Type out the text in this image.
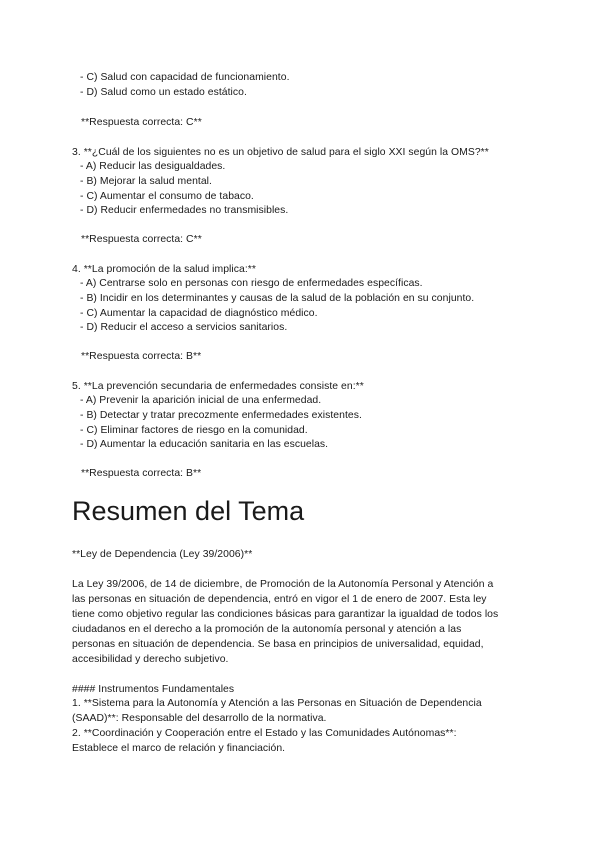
- C) Salud con capacidad de funcionamiento.
- D) Salud como un estado estático.
**Respuesta correcta: C**
3. **¿Cuál de los siguientes no es un objetivo de salud para el siglo XXI según la OMS?**
- A) Reducir las desigualdades.
- B) Mejorar la salud mental.
- C) Aumentar el consumo de tabaco.
- D) Reducir enfermedades no transmisibles.
**Respuesta correcta: C**
4. **La promoción de la salud implica:**
- A) Centrarse solo en personas con riesgo de enfermedades específicas.
- B) Incidir en los determinantes y causas de la salud de la población en su conjunto.
- C) Aumentar la capacidad de diagnóstico médico.
- D) Reducir el acceso a servicios sanitarios.
**Respuesta correcta: B**
5. **La prevención secundaria de enfermedades consiste en:**
- A) Prevenir la aparición inicial de una enfermedad.
- B) Detectar y tratar precozmente enfermedades existentes.
- C) Eliminar factores de riesgo en la comunidad.
- D) Aumentar la educación sanitaria en las escuelas.
**Respuesta correcta: B**
Resumen del Tema
**Ley de Dependencia (Ley 39/2006)**
La Ley 39/2006, de 14 de diciembre, de Promoción de la Autonomía Personal y Atención a
las personas en situación de dependencia, entró en vigor el 1 de enero de 2007. Esta ley
tiene como objetivo regular las condiciones básicas para garantizar la igualdad de todos los
ciudadanos en el derecho a la promoción de la autonomía personal y atención a las
personas en situación de dependencia. Se basa en principios de universalidad, equidad,
accesibilidad y derecho subjetivo.
#### Instrumentos Fundamentales
1. **Sistema para la Autonomía y Atención a las Personas en Situación de Dependencia
(SAAD)**: Responsable del desarrollo de la normativa.
2. **Coordinación y Cooperación entre el Estado y las Comunidades Autónomas**:
Establece el marco de relación y financiación.
